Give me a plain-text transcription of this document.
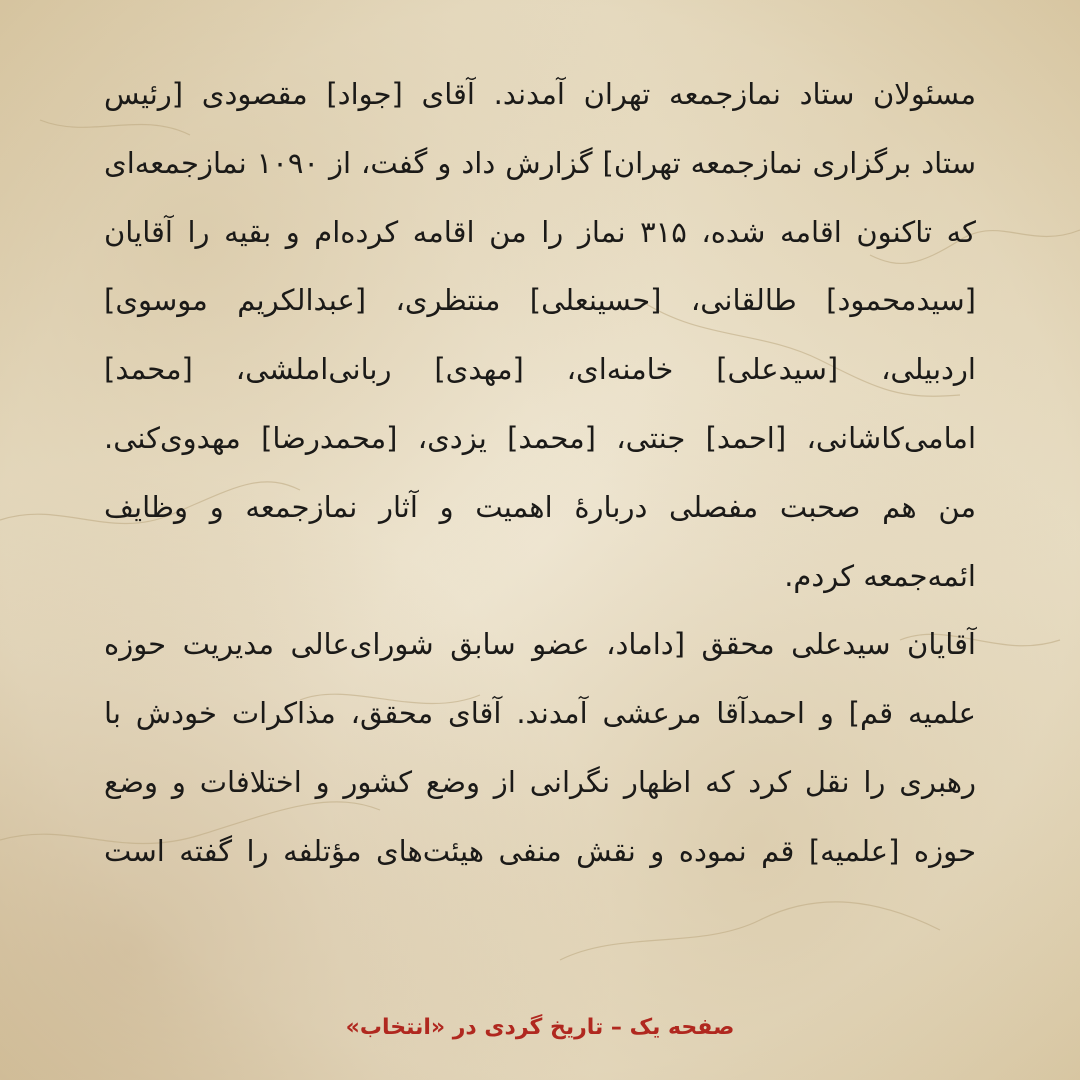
مسئولان ستاد نمازجمعه تهران آمدند. آقای [جواد] مقصودی [رئیس
ستاد برگزاری نمازجمعه تهران] گزارش داد و گفت، از ۱۰۹۰ نمازجمعه‌ای
که تاکنون اقامه شده، ۳۱۵ نماز را من اقامه کرده‌ام و بقیه را آقایان
[سیدمحمود] طالقانی، [حسینعلی] منتظری، [عبدالکریم موسوی]
اردبیلی، [سیدعلی] خامنه‌ای، [مهدی] ربانی‌املشی، [محمد]
امامی‌کاشانی، [احمد] جنتی، [محمد] یزدی، [محمدرضا] مهدوی‌کنی.
من هم صحبت مفصلی دربارهٔ اهمیت و آثار نمازجمعه و وظایف
ائمه‌جمعه کردم.
آقایان سیدعلی محقق [داماد، عضو سابق شورای‌عالی مدیریت حوزه
علمیه قم] و احمدآقا مرعشی آمدند. آقای محقق، مذاکرات خودش با
رهبری را نقل کرد که اظهار نگرانی از وضع کشور و اختلافات و وضع
حوزه [علمیه] قم نموده و نقش منفی هیئت‌های مؤتلفه را گفته است
صفحه یک – تاریخ گردی در «انتخاب»
